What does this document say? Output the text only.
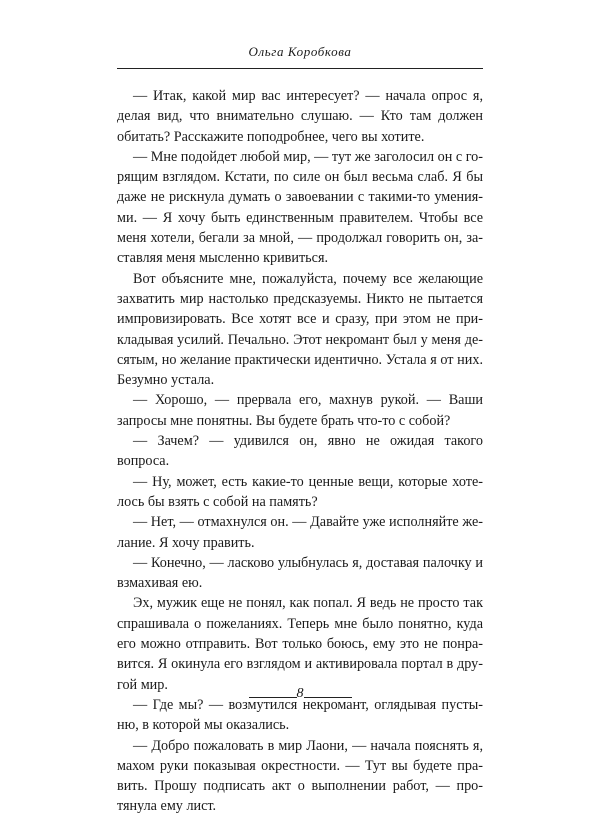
Ольга Коробкова

— Итак, какой мир вас интересует? — начала опрос я, делая вид, что внимательно слушаю. — Кто там должен обитать? Расскажите поподробнее, чего вы хотите.

— Мне подойдет любой мир, — тут же заголосил он с горящим взглядом. Кстати, по силе он был весьма слаб. Я бы даже не рискнула думать о завоевании с такими-то умениями. — Я хочу быть единственным правителем. Чтобы все меня хотели, бегали за мной, — продолжал говорить он, заставляя меня мысленно кривиться.

Вот объясните мне, пожалуйста, почему все желающие захватить мир настолько предсказуемы. Никто не пытается импровизировать. Все хотят все и сразу, при этом не прикладывая усилий. Печально. Этот некромант был у меня десятым, но желание практически идентично. Устала я от них. Безумно устала.

— Хорошо, — прервала его, махнув рукой. — Ваши запросы мне понятны. Вы будете брать что-то с собой?

— Зачем? — удивился он, явно не ожидая такого вопроса.

— Ну, может, есть какие-то ценные вещи, которые хотелось бы взять с собой на память?

— Нет, — отмахнулся он. — Давайте уже исполняйте желание. Я хочу править.

— Конечно, — ласково улыбнулась я, доставая палочку и взмахивая ею.

Эх, мужик еще не понял, как попал. Я ведь не просто так спрашивала о пожеланиях. Теперь мне было понятно, куда его можно отправить. Вот только боюсь, ему это не понравится. Я окинула его взглядом и активировала портал в другой мир.

— Где мы? — возмутился некромант, оглядывая пустыню, в которой мы оказались.

— Добро пожаловать в мир Лаони, — начала пояснять я, махом руки показывая окрестности. — Тут вы будете править. Прошу подписать акт о выполнении работ, — протянула ему лист.

8
